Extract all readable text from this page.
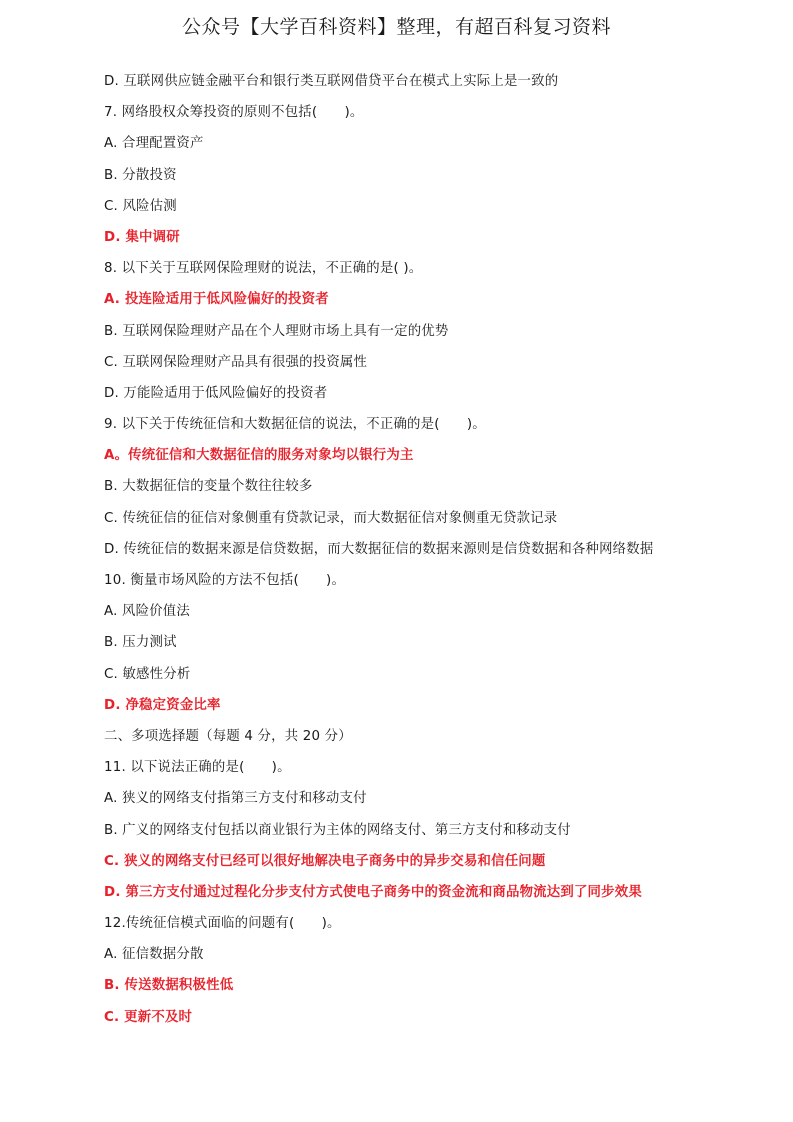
公众号【大学百科资料】整理，有超百科复习资料
D. 互联网供应链金融平台和银行类互联网借贷平台在模式上实际上是一致的
7. 网络股权众筹投资的原则不包括(　　)。
A. 合理配置资产
B. 分散投资
C. 风险估测
D. 集中调研
8. 以下关于互联网保险理财的说法，不正确的是( )。
A. 投连险适用于低风险偏好的投资者
B. 互联网保险理财产品在个人理财市场上具有一定的优势
C. 互联网保险理财产品具有很强的投资属性
D. 万能险适用于低风险偏好的投资者
9. 以下关于传统征信和大数据征信的说法，不正确的是(　　)。
A。传统征信和大数据征信的服务对象均以银行为主
B. 大数据征信的变量个数往往较多
C. 传统征信的征信对象侧重有贷款记录，而大数据征信对象侧重无贷款记录
D. 传统征信的数据来源是信贷数据，而大数据征信的数据来源则是信贷数据和各种网络数据
10. 衡量市场风险的方法不包括(　　)。
A. 风险价值法
B. 压力测试
C. 敏感性分析
D. 净稳定资金比率
二、多项选择题（每题 4 分，共 20 分）
11. 以下说法正确的是(　　)。
A. 狭义的网络支付指第三方支付和移动支付
B. 广义的网络支付包括以商业银行为主体的网络支付、第三方支付和移动支付
C. 狭义的网络支付已经可以很好地解决电子商务中的异步交易和信任问题
D. 第三方支付通过过程化分步支付方式使电子商务中的资金流和商品物流达到了同步效果
12.传统征信模式面临的问题有(　　)。
A. 征信数据分散
B. 传送数据积极性低
C. 更新不及时
